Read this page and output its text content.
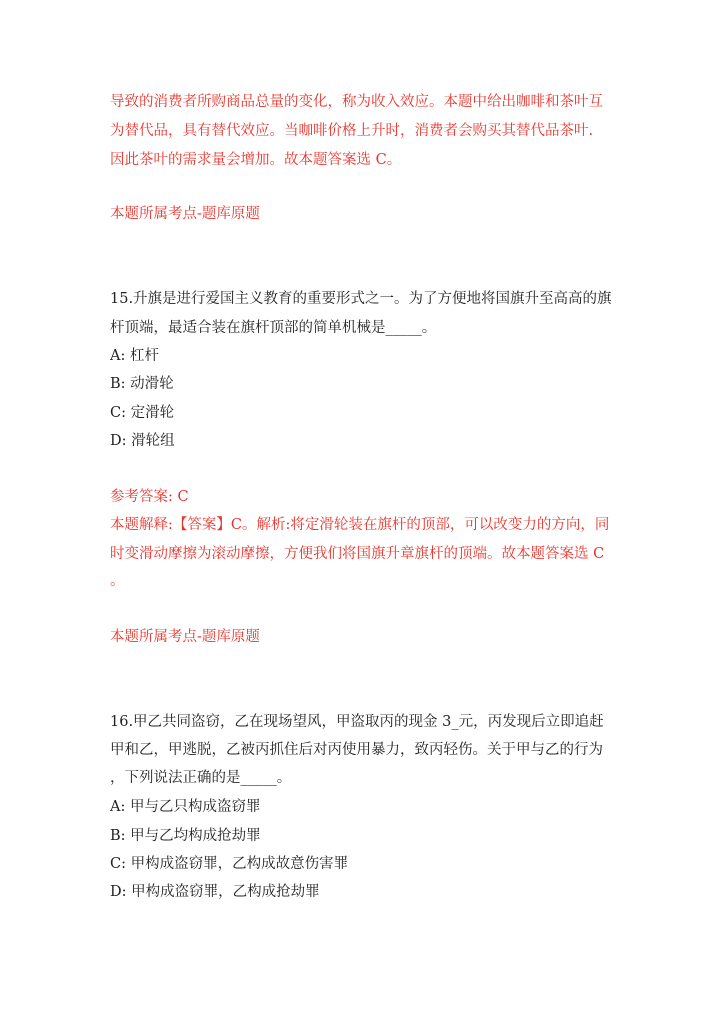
导致的消费者所购商品总量的变化，称为收入效应。本题中给出咖啡和茶叶互
为替代品，具有替代效应。当咖啡价格上升时，消费者会购买其替代品茶叶.
因此茶叶的需求量会增加。故本题答案选 C。
本题所属考点-题库原题
15.升旗是进行爱国主义教育的重要形式之一。为了方便地将国旗升至高高的旗
杆顶端，最适合装在旗杆顶部的简单机械是_____。
A: 杠杆
B: 动滑轮
C: 定滑轮
D: 滑轮组
参考答案: C
本题解释:【答案】C。解析:将定滑轮装在旗杆的顶部，可以改变力的方向，同
时变滑动摩擦为滚动摩擦，方便我们将国旗升章旗杆的顶端。故本题答案选 C
。
本题所属考点-题库原题
16.甲乙共同盗窃，乙在现场望风，甲盗取丙的现金 3_元，丙发现后立即追赶
甲和乙，甲逃脱，乙被丙抓住后对丙使用暴力，致丙轻伤。关于甲与乙的行为
，下列说法正确的是_____。
A: 甲与乙只构成盗窃罪
B: 甲与乙均构成抢劫罪
C: 甲构成盗窃罪，乙构成故意伤害罪
D: 甲构成盗窃罪，乙构成抢劫罪
